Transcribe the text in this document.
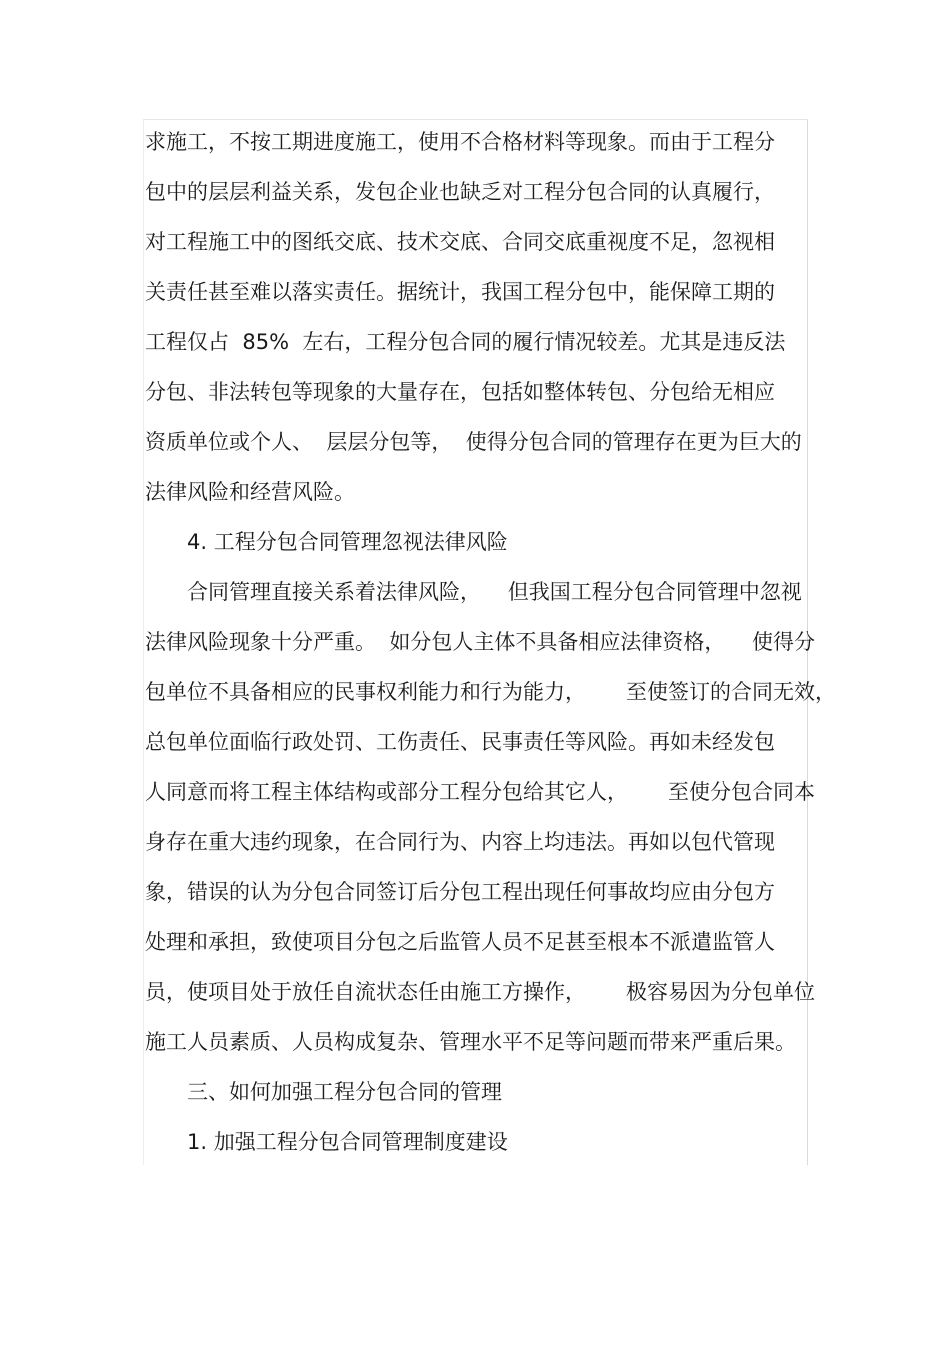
求施工，不按工期进度施工，使用不合格材料等现象。而由于工程分
包中的层层利益关系，发包企业也缺乏对工程分包合同的认真履行，
对工程施工中的图纸交底、技术交底、合同交底重视度不足，忽视相
关责任甚至难以落实责任。据统计，我国工程分包中，能保障工期的
工程仅占  85%  左右，工程分包合同的履行情况较差。尤其是违反法
分包、非法转包等现象的大量存在，包括如整体转包、分包给无相应
资质单位或个人、  层层分包等，  使得分包合同的管理存在更为巨大的
法律风险和经营风险。
4. 工程分包合同管理忽视法律风险
合同管理直接关系着法律风险，    但我国工程分包合同管理中忽视
法律风险现象十分严重。  如分包人主体不具备相应法律资格，    使得分
包单位不具备相应的民事权利能力和行为能力，      至使签订的合同无效，
总包单位面临行政处罚、工伤责任、民事责任等风险。再如未经发包
人同意而将工程主体结构或部分工程分包给其它人，      至使分包合同本
身存在重大违约现象，在合同行为、内容上均违法。再如以包代管现
象，错误的认为分包合同签订后分包工程出现任何事故均应由分包方
处理和承担，致使项目分包之后监管人员不足甚至根本不派遣监管人
员，使项目处于放任自流状态任由施工方操作，      极容易因为分包单位
施工人员素质、人员构成复杂、管理水平不足等问题而带来严重后果。
三、如何加强工程分包合同的管理
1. 加强工程分包合同管理制度建设
